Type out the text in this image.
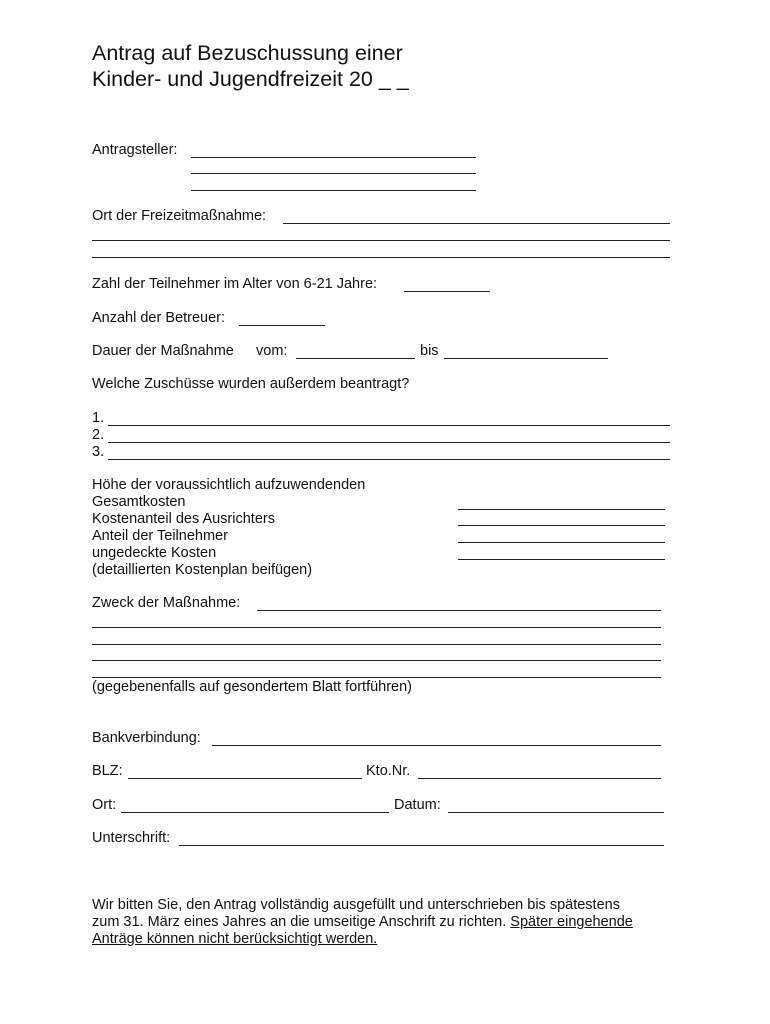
Antrag auf Bezuschussung einer
Kinder- und Jugendfreizeit 20 _ _
Antragsteller:
Ort der Freizeitmaßnahme:
Zahl der Teilnehmer im Alter von 6-21 Jahre:
Anzahl der Betreuer:
Dauer der Maßnahme vom:	bis
Welche Zuschüsse wurden außerdem beantragt?
1.
2.
3.
Höhe der voraussichtlich aufzuwendenden
Gesamtkosten
Kostenanteil des Ausrichters
Anteil der Teilnehmer
ungedeckte Kosten
(detaillierten Kostenplan beifügen)
Zweck der Maßnahme:
(gegebenenfalls auf gesondertem Blatt fortführen)
Bankverbindung:
BLZ:	Kto.Nr.
Ort:	Datum:
Unterschrift:
Wir bitten Sie, den Antrag vollständig ausgefüllt und unterschrieben bis spätestens
zum 31. März eines Jahres an die umseitige Anschrift zu richten. Später eingehende
Anträge können nicht berücksichtigt werden.
